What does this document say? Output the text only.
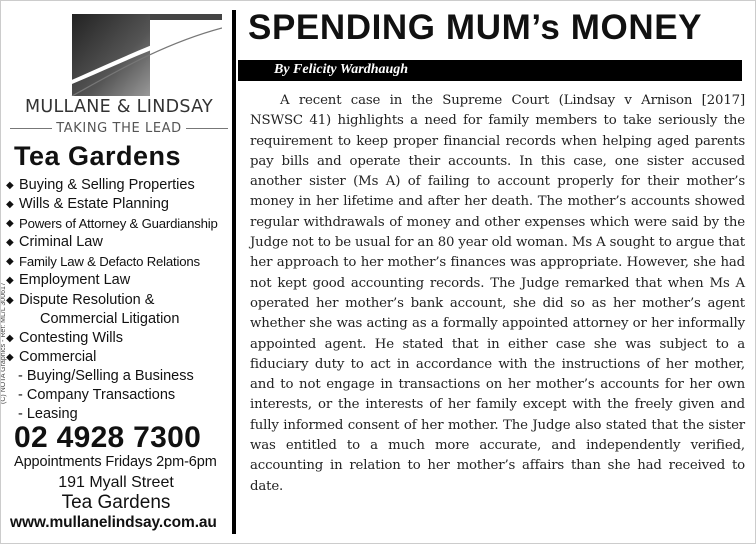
MULLANE & LINDSAY
TAKING THE LEAD
Tea Gardens
◆ Buying & Selling Properties
◆ Wills & Estate Planning
◆ Powers of Attorney & Guardianship
◆ Criminal Law
◆ Family Law & Defacto Relations
◆ Employment Law
◆ Dispute Resolution &
Commercial Litigation
◆ Contesting Wills
◆ Commercial
- Buying/Selling a Business
- Company Transactions
- Leasing
(C) NOTA Graphics - Ref: ML/L 300617
02 4928 7300
Appointments Fridays 2pm-6pm
191 Myall Street
Tea Gardens
www.mullanelindsay.com.au
SPENDING MUM’s MONEY
By Felicity Wardhaugh

A recent case in the Supreme Court (Lindsay v Arnison [2017] NSWSC 41) highlights a need for family members to take seriously the requirement to keep proper financial records when helping aged parents pay bills and operate their accounts. In this case, one sister accused another sister (Ms A) of failing to account properly for their mother’s money in her lifetime and after her death. The mother’s accounts showed regular withdrawals of money and other expenses which were said by the Judge not to be usual for an 80 year old woman. Ms A sought to argue that her approach to her mother’s finances was appropriate. However, she had not kept good accounting records. The Judge remarked that when Ms A operated her mother’s bank account, she did so as her mother’s agent whether she was acting as a formally appointed attorney or her informally appointed agent. He stated that in either case she was subject to a fiduciary duty to act in accordance with the instructions of her mother, and to not engage in transactions on her mother’s accounts for her own interests, or the interests of her family except with the freely given and fully informed consent of her mother. The Judge also stated that the sister was entitled to a much more accurate, and independently verified, accounting in relation to her mother’s affairs than she had received to date.
